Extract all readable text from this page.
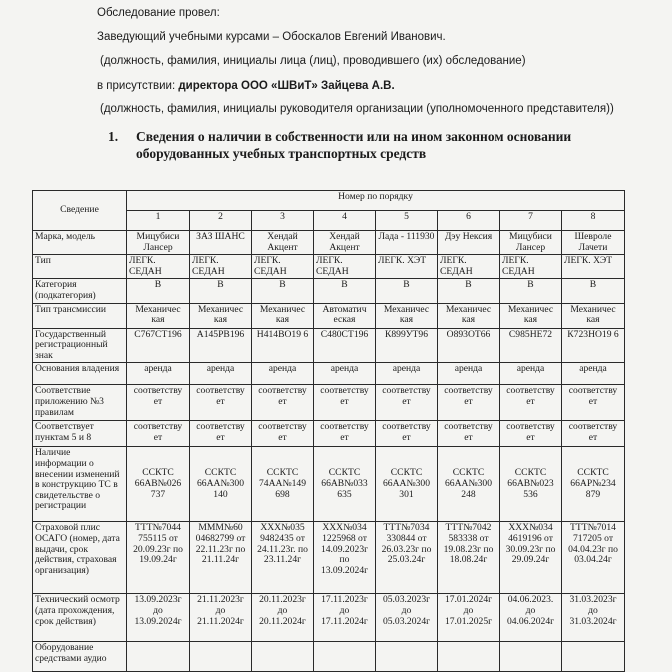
Обследование провел:
Заведующий учебными курсами – Обоскалов Евгений Иванович.
(должность, фамилия, инициалы лица (лиц), проводившего (их) обследование)
в присутствии: директора ООО «ШВиТ» Зайцева А.В.
(должность, фамилия, инициалы руководителя организации (уполномоченного представителя))
1. Сведения о наличии в собственности или на ином законном основании
оборудованных учебных транспортных средств
Сведение	Номер по порядку							
	1	2	3	4	5	6	7	8
Марка, модель	Мицубиси Лансер	ЗАЗ ШАНС	Хендай Акцент	Хендай Акцент	Лада - 111930	Дэу Нексия	Мицубиси Лансер	Шевроле Лачети
Тип	ЛЕГК. СЕДАН	ЛЕГК. СЕДАН	ЛЕГК. СЕДАН	ЛЕГК. СЕДАН	ЛЕГК. ХЭТ	ЛЕГК. СЕДАН	ЛЕГК. СЕДАН	ЛЕГК. ХЭТ
Категория (подкатегория)	В	В	В	В	В	В	В	В
Тип трансмиссии	Механичес кая	Механичес кая	Механичес кая	Автоматич еская	Механичес кая	Механичес кая	Механичес кая	Механичес кая
Государственный регистрационный знак	С767СТ196	А145РВ196	Н414ВО19 6	С480СТ196	К899УТ96	О893ОТ66	С985НЕ72	К723НО19 6
Основания владения	аренда	аренда	аренда	аренда	аренда	аренда	аренда	аренда
Соответствие приложению №3 правилам	соответству ет	соответству ет	соответству ет	соответству ет	соответству ет	соответству ет	соответству ет	соответству ет
Соответствует пунктам 5 и 8	соответству ет	соответству ет	соответству ет	соответству ет	соответству ет	соответству ет	соответству ет	соответству ет
Наличие информации о внесении изменений в конструкцию ТС в свидетельстве о регистрации	ССКТС 66АВ№026 737	ССКТС 66АА№300 140	ССКТС 74АА№149 698	ССКТС 66АВ№033 635	ССКТС 66АА№300 301	ССКТС 66АА№300 248	ССКТС 66АВ№023 536	ССКТС 66АР№234 879
Страховой плис ОСАГО (номер, дата выдачи, срок действия, страховая организация)	ТТТ№7044 755115 от 20.09.23г по 19.09.24г	МММ№60 04682799 от 22.11.23г по 21.11.24г	ХХХ№035 9482435 от 24.11.23г. по 23.11.24г	ХХХ№034 1225968 от 14.09.2023г по 13.09.2024г	ТТТ№7034 330844 от 26.03.23г по 25.03.24г	ТТТ№7042 583338 от 19.08.23г по 18.08.24г	ХХХ№034 4619196 от 30.09.23г по 29.09.24г	ТТТ№7014 717205 от 04.04.23г по 03.04.24г
Технический осмотр (дата прохождения, срок действия)	13.09.2023г до 13.09.2024г	21.11.2023г до 21.11.2024г	20.11.2023г до 20.11.2024г	17.11.2023г до 17.11.2024г	05.03.2023г до 05.03.2024г	17.01.2024г до 17.01.2025г	04.06.2023. до 04.06.2024г	31.03.2023г до 31.03.2024г
Оборудование средствами аудио								
